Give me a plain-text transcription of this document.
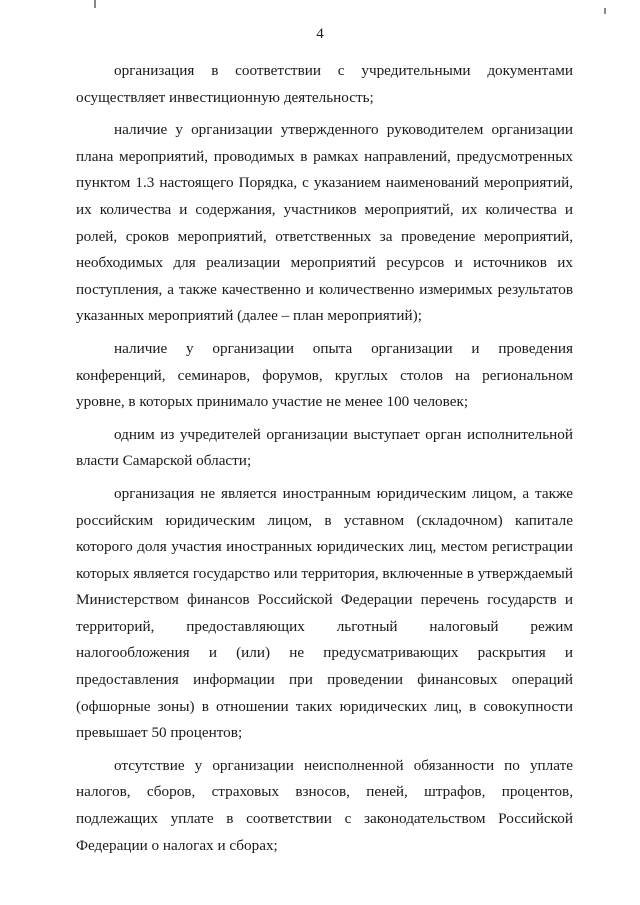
4

организация в соответствии с учредительными документами осуществляет инвестиционную деятельность;

наличие у организации утвержденного руководителем организации плана мероприятий, проводимых в рамках направлений, предусмотренных пунктом 1.3 настоящего Порядка, с указанием наименований мероприятий, их количества и содержания, участников мероприятий, их количества и ролей, сроков мероприятий, ответственных за проведение мероприятий, необходимых для реализации мероприятий ресурсов и источников их поступления, а также качественно и количественно измеримых результатов указанных мероприятий (далее – план мероприятий);

наличие у организации опыта организации и проведения конференций, семинаров, форумов, круглых столов на региональном уровне, в которых принимало участие не менее 100 человек;

одним из учредителей организации выступает орган исполнительной власти Самарской области;

организация не является иностранным юридическим лицом, а также российским юридическим лицом, в уставном (складочном) капитале которого доля участия иностранных юридических лиц, местом регистрации которых является государство или территория, включенные в утверждаемый Министерством финансов Российской Федерации перечень государств и территорий, предоставляющих льготный налоговый режим налогообложения и (или) не предусматривающих раскрытия и предоставления информации при проведении финансовых операций (офшорные зоны) в отношении таких юридических лиц, в совокупности превышает 50 процентов;

отсутствие у организации неисполненной обязанности по уплате налогов, сборов, страховых взносов, пеней, штрафов, процентов, подлежащих уплате в соответствии с законодательством Российской Федерации о налогах и сборах;
